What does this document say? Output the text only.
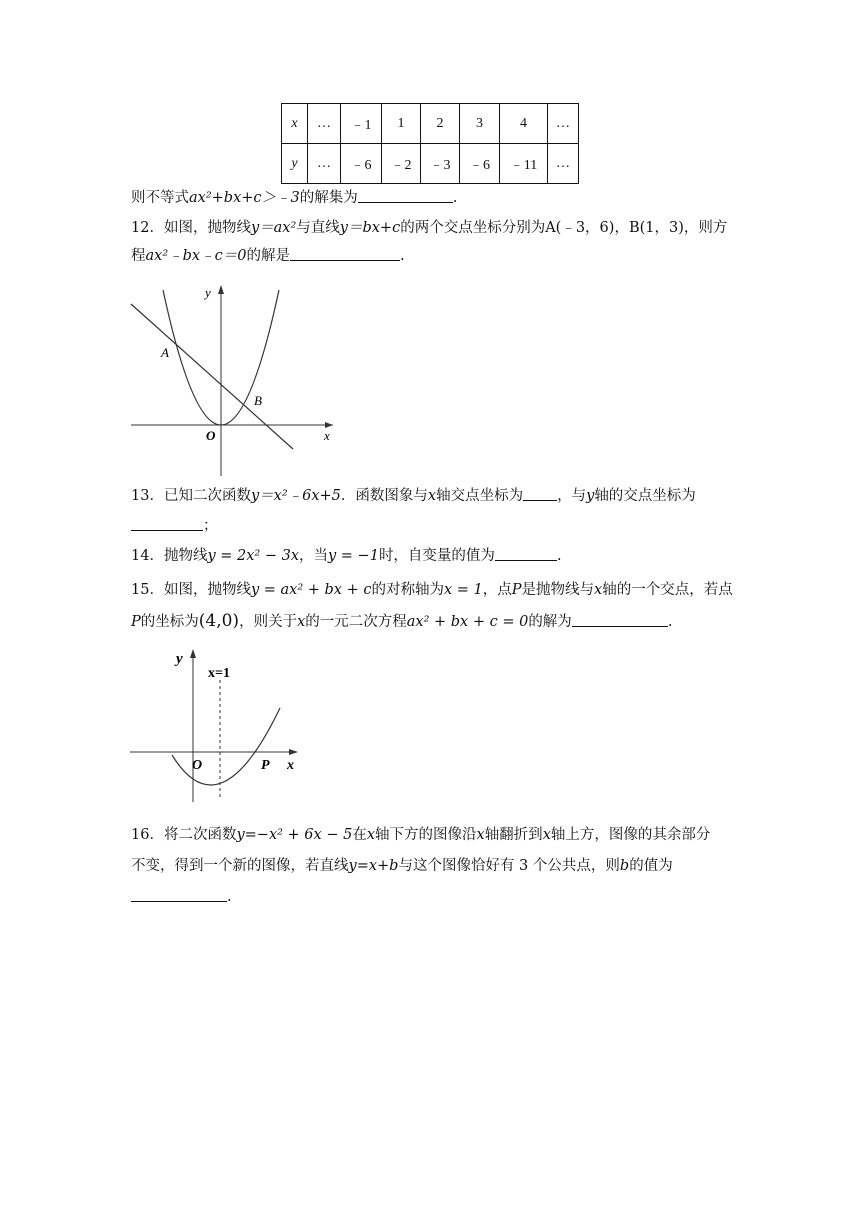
x	…	﹣1	1	2	3	4	…
y	…	﹣6	﹣2	﹣3	﹣6	﹣11	…
则不等式ax²+bx+c＞﹣3的解集为	.
12．如图，抛物线y＝ax²与直线y＝bx+c的两个交点坐标分别为A(﹣3，6)，B(1，3)，则方
程ax²﹣bx﹣c＝0的解是	.
y
A
B
O	x
13．已知二次函数y＝x²﹣6x+5．函数图象与x轴交点坐标为 ，与y轴的交点坐标为
；
14．抛物线y = 2x² − 3x，当y = −1时，自变量的值为	.
15．如图，抛物线y = ax² + bx + c的对称轴为x = 1，点P是抛物线与x轴的一个交点，若点
P的坐标为(4,0)，则关于x的一元二次方程ax² + bx + c = 0的解为	.
y
x=1
O	P x
16．将二次函数y=−x² + 6x − 5在x轴下方的图像沿x轴翻折到x轴上方，图像的其余部分
不变，得到一个新的图像，若直线y=x+b与这个图像恰好有 3 个公共点，则b的值为
.
